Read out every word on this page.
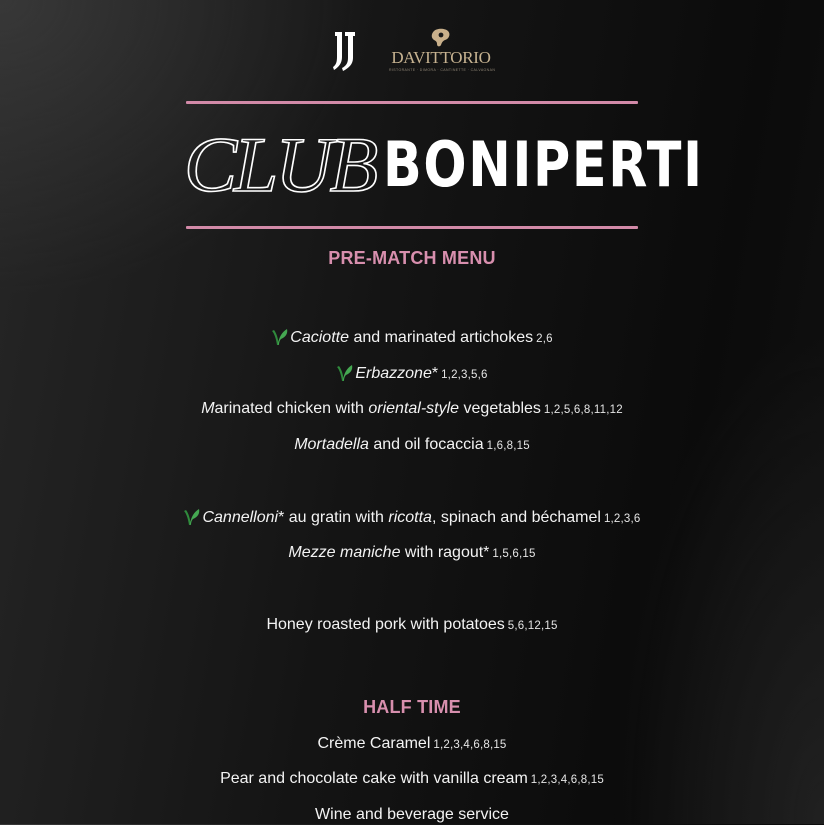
DAVITTORIO
RISTORANTE · DIMORA · CANTINETTE · CALVAGNAN
CLUB BONIPERTI
PRE-MATCH MENU
Caciotte and marinated artichokes 2,6
Erbazzone* 1,2,3,5,6
Marinated chicken with oriental-style vegetables 1,2,5,6,8,11,12
Mortadella and oil focaccia 1,6,8,15
Cannelloni* au gratin with ricotta, spinach and béchamel 1,2,3,6
Mezze maniche with ragout* 1,5,6,15
Honey roasted pork with potatoes 5,6,12,15
HALF TIME
Crème Caramel 1,2,3,4,6,8,15
Pear and chocolate cake with vanilla cream 1,2,3,4,6,8,15
Wine and beverage service
